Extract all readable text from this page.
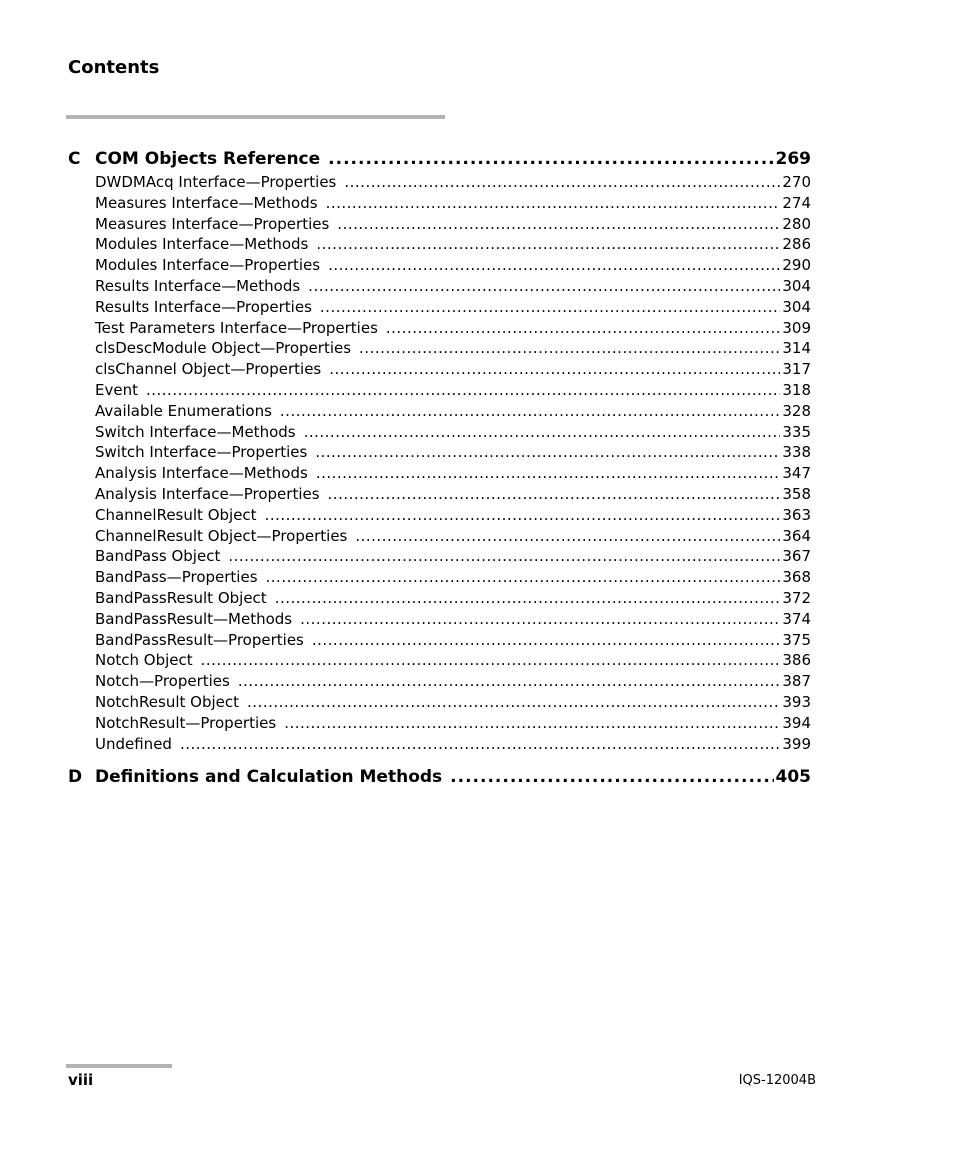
Contents
C COM Objects Reference .....	269
DWDMAcq Interface—Properties .....	270
Measures Interface—Methods .....	274
Measures Interface—Properties .....	280
Modules Interface—Methods .....	286
Modules Interface—Properties .....	290
Results Interface—Methods .....	304
Results Interface—Properties .....	304
Test Parameters Interface—Properties .....	309
clsDescModule Object—Properties .....	314
clsChannel Object—Properties .....	317
Event .....	318
Available Enumerations .....	328
Switch Interface—Methods .....	335
Switch Interface—Properties .....	338
Analysis Interface—Methods .....	347
Analysis Interface—Properties .....	358
ChannelResult Object .....	363
ChannelResult Object—Properties .....	364
BandPass Object .....	367
BandPass—Properties .....	368
BandPassResult Object .....	372
BandPassResult—Methods .....	374
BandPassResult—Properties .....	375
Notch Object .....	386
Notch—Properties .....	387
NotchResult Object .....	393
NotchResult—Properties .....	394
Undefined .....	399
D Definitions and Calculation Methods .....	405
viii	IQS-12004B
